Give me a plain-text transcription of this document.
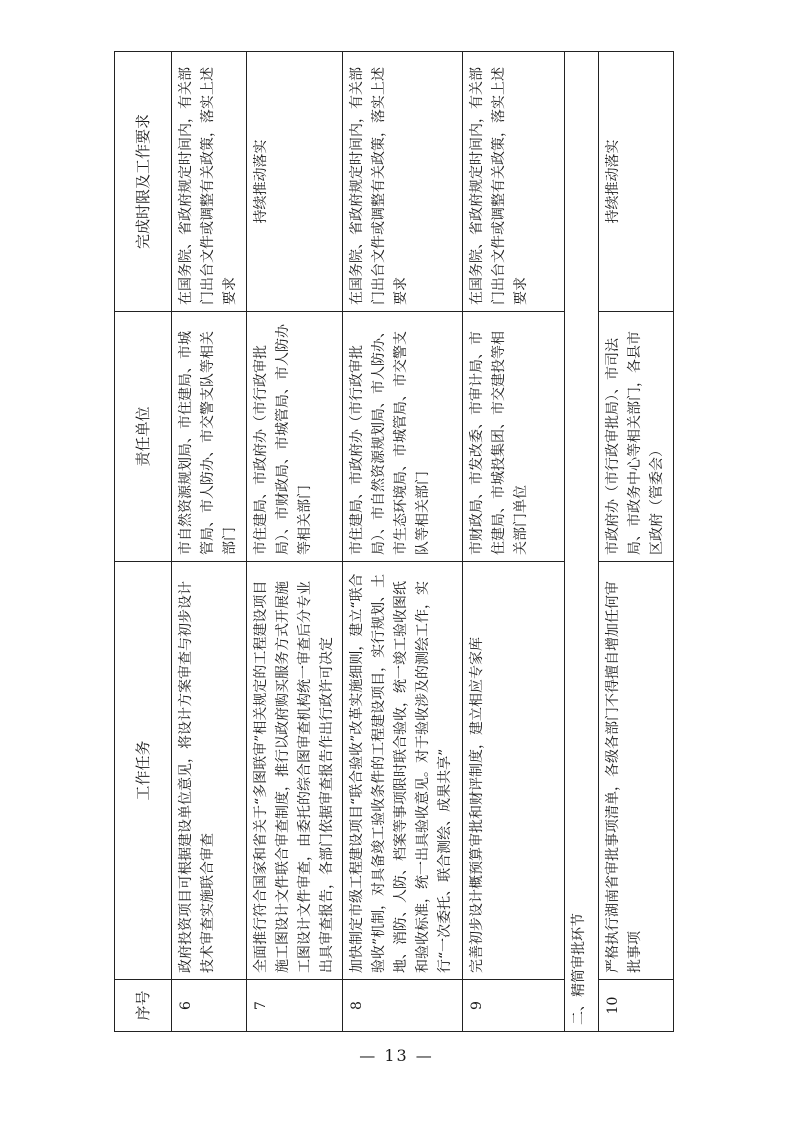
序号	工作任务	责任单位	完成时限及工作要求
6	政府投资项目可根据建设单位意见，将设计方案审查与初步设计技术审查实施联合审查	市自然资源规划局、市住建局、市城管局、市人防办、市交警支队等相关部门	在国务院、省政府规定时间内，有关部门出台文件或调整有关政策，落实上述要求
7	全面推行符合国家和省关于“多图联审”相关规定的工程建设项目施工图设计文件联合审查制度，推行以政府购买服务方式开展施工图设计文件审查，由委托的综合图审查机构统一审查后分专业出具审查报告，各部门依据审查报告作出行政许可决定	市住建局、市政府办（市行政审批局）、市财政局、市城管局、市人防办等相关部门	持续推动落实
8	加快制定市级工程建设项目“联合验收”改革实施细则，建立“联合验收”机制，对具备竣工验收条件的工程建设项目，实行规划、土地、消防、人防、档案等事项限时联合验收，统一竣工验收图纸和验收标准，统一出具验收意见。对于验收涉及的测绘工作，实行“一次委托、联合测绘、成果共享”	市住建局、市政府办（市行政审批局）、市自然资源规划局、市人防办、市生态环境局、市城管局、市交警支队等相关部门	在国务院、省政府规定时间内，有关部门出台文件或调整有关政策，落实上述要求
9	完善初步设计概预算审批和财评制度，建立相应专家库	市财政局、市发改委、市审计局、市住建局、市城投集团、市交建投等相关部门单位	在国务院、省政府规定时间内，有关部门出台文件或调整有关政策，落实上述要求
二、精简审批环节			
10	严格执行湖南省审批事项清单，各级各部门不得擅自增加任何审批事项	市政府办（市行政审批局）、市司法局、市政务中心等相关部门，各县市区政府（管委会）	持续推动落实
— 13 —
